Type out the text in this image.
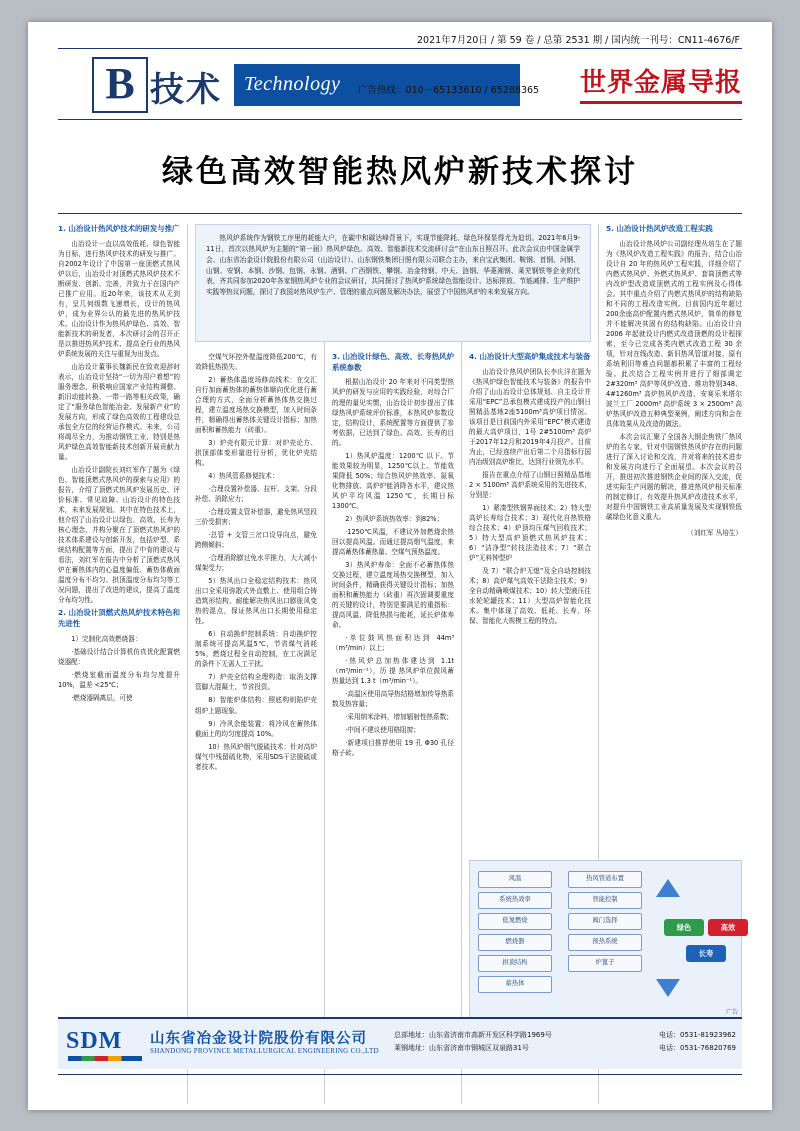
2021年7月20日 / 第 59 卷 / 总第 2531 期 / 国内统一刊号：CN11-4676/F
B 技术 Technology 广告热线：010－65133610 / 65288365 世界金属导报
绿色高效智能热风炉新技术探讨

热风炉系统作为钢铁工序里的耗能大户，在碳中和碳达峰背景下，实现节能降耗、绿色环保显得尤为迫切。2021年6月9-11日，首次以热风炉为主题的“第一届）热风炉绿色、高效、智能新技术交流研讨会”在山东日照召开。此次会议由中国金属学会、山东省冶金设计院股份有限公司（山冶设计）、山东钢铁集团日照有限公司联合主办，来自宝武集团、鞍钢、首钢、河钢、山钢、安钢、本钢、沙钢、包钢、永钢、酒钢、广西钢铁、攀钢、冶金特钢、中天、涟钢、华菱湘钢、莱芜钢铁等企业的代表，齐共同参加2020年各家钢热风炉专业的会议研讨，共同探讨了热风炉系统绿色智能设计、达标排放、节能减排、生产维护实践等热议问题，探讨了我国对热风炉生产、管理的重点问题及解决办法，展望了中国热风炉的未来发展方向。

1. 山冶设计热风炉技术的研发与推广

山冶设计一直以高效低耗、绿色智能为目标，进行热风炉技术的研发与推广。自2002年设计了中国第一座顶燃式热风炉以后，山冶设计对顶燃式热风炉技术不断研发、创新、完善，并致力于在国内产已推广应用。近20年来，该技术从无到有，呈几何级数飞速增长，设计的热风炉，成为业界公认的最先进的热风炉技术。山冶设计作为热风炉绿色、高效、智能新技术的研发者，本次研讨会的召开正是以推进热风炉技术、提高全行业的热风炉系统发展的关注与重视为出发点。

山冶设计董事长魏新民在致欢迎辞时表示，山冶设计坚持“一切为用户着想”的服务理念，积极响应国家产业结构调整、新旧动能转换、一带一路等相关政策，确定了“服务绿色智能冶金、发展新产业”的发展方向，形成了绿色高效的工程建设总承包全方位的经营运作模式。未来，公司将竭尽全力，为推动钢铁工业、特别是热风炉绿色高效智能新技术创新开展贡献力量。

山冶设计副院长刘红军作了题为《绿色、智能顶燃式热风炉的探索与应用》的报告，介绍了顶燃式热风炉发展历史、评价标准、常见故障、山冶设计的特色技术，未来发展规划。其中在特色技术上，他介绍了山冶设计以绿色、高效、长寿为核心理念，并构分聚在了顶燃式热风炉的技术体系建设与创新开发，包括炉型、系统结构配置等方面，提出了中肯的建议与看法，刘红军在报告中分析了顶燃式热风炉在蓄热体内的心温度偏低、蓄热体截面温度分布不均匀、拱顶温度分布均匀等工况问题，提出了改进的建议，提高了温度分布均匀性。

2. 山冶设计顶燃式热风炉技术特色和先进性

1）完制化高效燃烧器：

·基础设计结合计算机仿真优化配置燃烧器配：

·燃烧室截面温度分布均匀度提升10%，温差 <25℃；

·燃烧器隔离层，可使

空煤气环控外壁温度降低200℃，有效降低热损失。

2）蓄热体温度场修高线术：在交汇自行加面蓄热体的蓄热体顺向优化进行蓄合理的方式，全面分析蓄热体热交换过程，建立温度场热交换模型，加入时间条件，精确得出蓄热体关键设计指标；加热面积和蓄热能力（砖重）。

3）炉壳有限元计算：对炉壳论方、拱顶部体变形量进行分析，优化炉壳结构。

4）热风管系修便技术：

·合理设置补偿器、拉杆、支架、分段补偿、消除应力；

·合理设置支管补偿器，避免热风竖段三价受损害；

·总管 + 支管三岔口设导向点，避免跨侧倾斜；

·合理消除膨过免水平推力，大大减小煤架受力；

5）热风出口全稳定结构技术：热风出口全采用弥散式外直敷上、使用组合铸造筑形结构，耐能解决热风出口膨胀风变热的混点，保证热风出口长期使用稳定性。

6）自动换炉控制系统：自动换炉控制系统可提高风温5℃，节省煤气消耗 5%，燃烧过程全自动控制，在工况满足的条件下无需人工干扰。

7）炉壳全结构全理构造：取消支撑管脚大混凝土、节省投资。

8）智能炉体结构：照底构则陷炉壳组炉上题现象。

9）冷风余能装置：将冷风在蓄热体截面上的均匀度提高 10%。

10）热风炉烟气脱硫技术：针对高炉煤气中残留硫化物，采用SDS干法脱硫或者技术。

3. 山冶设计绿色、高效、长寿热风炉系统参数

根据山冶设计 20 年来对不同类型热风炉的研发与应用的实践经验，对综合厂的理的量见实惯，山冶设计初步提出了体绿热风炉系统评价标准，本热风炉参数设定，结构设计，系统配置等方面提供了参考依据，已达到了绿色、高效、长寿的目的。

1）热风炉温度：1200℃ 以下。节能效果较为明显，1250℃以上、节能效果降低 50%；综合热风炉热效率、氮氧化物排放、高炉炉能消降各水平，建议热风炉平均风温 1250℃，长期日标 1300℃。

2）热风炉系统热效率：到82%；

·1250℃风温，不建议外加燃烧余热回以提高风温。而通过提高烟气温度，来提高蓄热体蓄热量、空煤气预热温度。

3）热风炉寿命：全面不必蓄热体热交换过程，建立温度场热交换模型，加入时间条件，精确获得关键设计指标；加热面积和蓄热能力（砖重）再次固调要重度的关键的设计，特别是要满足的重指标：提高风温、降低热损与能耗，延长炉体寿命。

·单位鼓风热面积达到 44m³（m³/min）以上；

·热风炉总加热体建达到 1.1t（m³/min⁻¹），历 提 热风炉单位鼓风蓄热量达到 1.3 t（m³/min⁻¹）。

·高温区使用高导热结格增加传导热系数及热容量；

·采用纳米涂料，增加辐射性热系数；

·中间不建议使用格阻窗；

·新建项目推荐使用 19 孔 Φ30 孔径格子砖。

4. 山冶设计大型高炉集成技术与装备

山冶设计热风炉团队长李庆洋在题为《热风炉绿色智能技术与装备》的报告中介绍了山山冶设计总体规划、自主设计并采用“EPC”总承包模式建成投产的山钢日照精品基地2座5100m³高炉项目情况。该项目是目前国内外采用“EPC”模式建造的最大高炉项目，1号 2#5100m³ 高炉于2017年12月和2019年4月投产。目前为止，已经连续产出后第二个月指标行国内冶级别高炉维比，达到行业领先水平。

报告在重点介绍了山钢日照精品基地 2 × 5100m³ 高炉系统采用的先进技术，分别是：

1）紧凑型铁钢界面技术；2）特大型高炉长寿综合技术；3）现代化自热铁格综合技术；4）炉顶均压煤气回收技术；5）特大型高炉顶燃式热风炉技术；6）“洁净型”转技法造技术；7）“联合炉”无料钟型炉

及 7）“联合炉无熄”及全自动控制技术；8）高炉煤气高效干法除尘技术；9）全自动精确喷煤技术；10）转大型液压往水轮轮罐技术；11）大型高炉智能化技术。集中体现了高效、低耗、长寿、环保、智能化大规模工程的特点。

5. 山冶设计热风炉改造工程实践

山冶设计热风炉公司副经理丛培生在了题为《热风炉改造工程实践》的报告，结合山冶设计自 20 年的热风炉工程实践，详细介绍了内燃式热风炉、外燃式热风炉、套筒顶燃式等内改炉型改造或顶燃式的工程实例及心得体会。其中重点介绍了内燃式热风炉的结构缺陷和不同的工程改造实例。目前国内近年超过200余座高炉配置内燃式热风炉，简单的修复并不能解决其固有的结构缺陷。山冶设计自 2006 年起就设计内燃式改造顶燃的设计程探索，至今已完成各类内燃式改造工程 30 余项，针对在线改造、新旧热风管道对接、原有系统利旧等难点问题都积累了丰富的工程经验。此次结合工程实例并进行了细部调定 2#320m³ 高炉等风炉改造、维功特别348、4#1260m³ 高炉热风炉改造、安赛乐米塔尔波兰工厂 2000m³ 高炉系统 3 × 2500m³ 高炉热风炉改造五种典型案例，阐述方向和会在具体效果从及改造的做法。

本次会议汇聚了全国各大钢企焦铁厂热风炉的名专家，针对中国钢铁热风炉存在的问题进行了深入讨论和交流，并对将来的技术进步和发展方向进行了全面展望。本次会议的召开，推进初次推进钢铁企业间的深入交流，促进实际生产问题的解决，推进热风炉相关标准的制定修订，有效提升热风炉改造技术水平，对提升中国钢铁工业高质量发展及实现钢铁低碳绿色化意义重大。

（刘红军 丛培生）
风温
系统热效率
低氮燃烧
燃烧器
拱顶结构
蓄热体
热风管道布置
智能控制
阀门选择
预热系统
炉篦子
绿色	高效
长寿
广告
SDM 山东省冶金设计院股份有限公司
SHANDONG PROVINCE METALLURGICAL ENGINEERING CO.,LTD
总部地址：山东省济南市高新开发区科学路1969号
莱钢地址：山东省济南市钢城区双泉路31号
电话：0531-81923962
电话：0531-76820769
